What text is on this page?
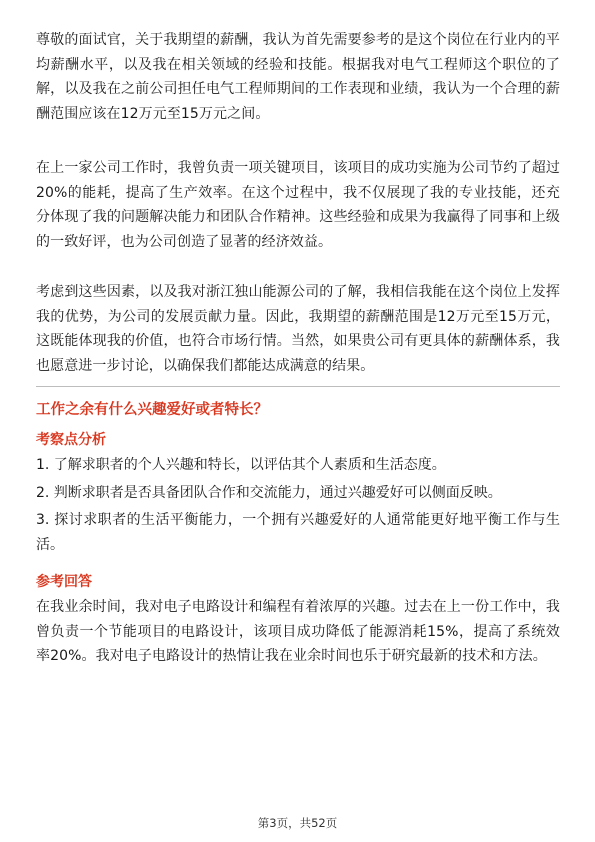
尊敬的面试官，关于我期望的薪酬，我认为首先需要参考的是这个岗位在行业内的平均薪酬水平，以及我在相关领域的经验和技能。根据我对电气工程师这个职位的了解，以及我在之前公司担任电气工程师期间的工作表现和业绩，我认为一个合理的薪酬范围应该在12万元至15万元之间。

在上一家公司工作时，我曾负责一项关键项目，该项目的成功实施为公司节约了超过20%的能耗，提高了生产效率。在这个过程中，我不仅展现了我的专业技能，还充分体现了我的问题解决能力和团队合作精神。这些经验和成果为我赢得了同事和上级的一致好评，也为公司创造了显著的经济效益。

考虑到这些因素，以及我对浙江独山能源公司的了解，我相信我能在这个岗位上发挥我的优势，为公司的发展贡献力量。因此，我期望的薪酬范围是12万元至15万元，这既能体现我的价值，也符合市场行情。当然，如果贵公司有更具体的薪酬体系，我也愿意进一步讨论，以确保我们都能达成满意的结果。

工作之余有什么兴趣爱好或者特长？
考察点分析
1. 了解求职者的个人兴趣和特长，以评估其个人素质和生活态度。
2. 判断求职者是否具备团队合作和交流能力，通过兴趣爱好可以侧面反映。
3. 探讨求职者的生活平衡能力，一个拥有兴趣爱好的人通常能更好地平衡工作与生活。
参考回答

在我业余时间，我对电子电路设计和编程有着浓厚的兴趣。过去在上一份工作中，我曾负责一个节能项目的电路设计，该项目成功降低了能源消耗15%，提高了系统效率20%。我对电子电路设计的热情让我在业余时间也乐于研究最新的技术和方法。

第3页，共52页
